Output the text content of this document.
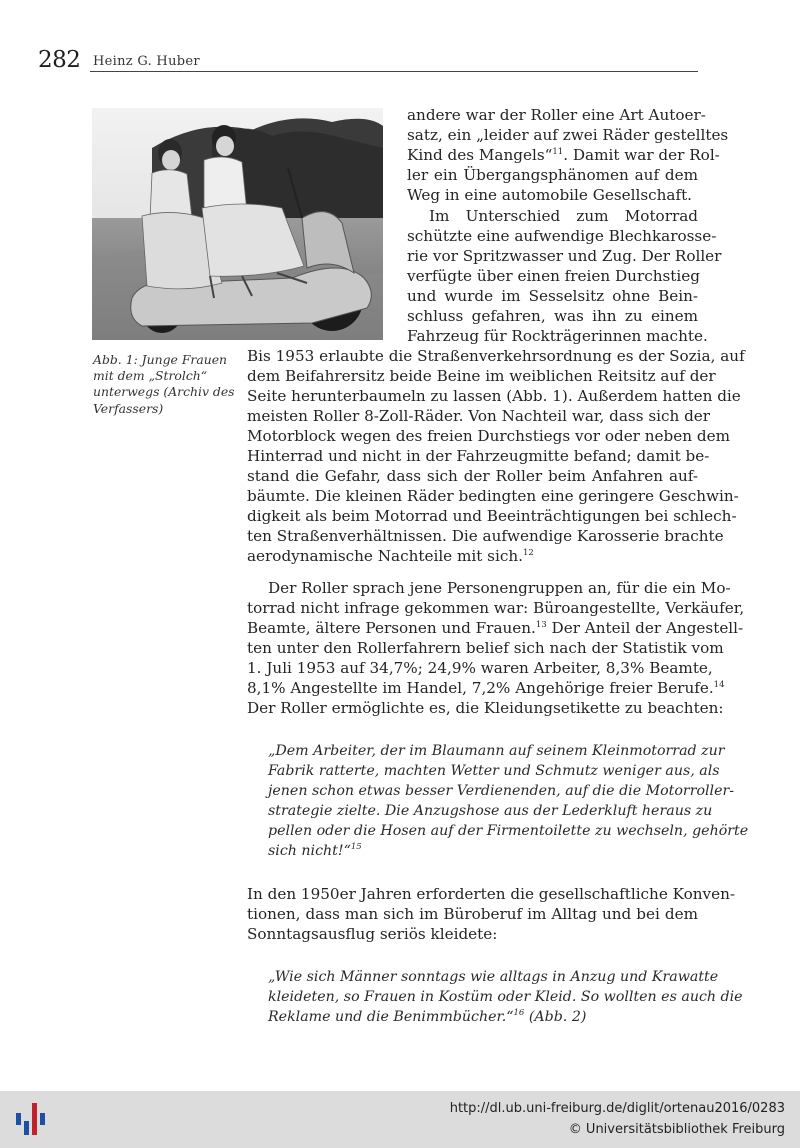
282 Heinz G. Huber
Abb. 1: Junge Frauen
mit dem „Strolch“
unterwegs (Archiv des
Verfassers)
andere war der Roller eine Art Autoer-
satz, ein „leider auf zwei Räder gestelltes
Kind des Mangels“$^{11}$. Damit war der Rol-
ler ein Übergangsphänomen auf dem
Weg in eine automobile Gesellschaft.
Im Unterschied zum Motorrad
schützte eine aufwendige Blechkarosse-
rie vor Spritzwasser und Zug. Der Roller
verfügte über einen freien Durchstieg
und wurde im Sesselsitz ohne Bein-
schluss gefahren, was ihn zu einem
Fahrzeug für Rockträgerinnen machte.
Bis 1953 erlaubte die Straßenverkehrsordnung es der Sozia, auf
dem Beifahrersitz beide Beine im weiblichen Reitsitz auf der
Seite herunterbaumeln zu lassen (Abb. 1). Außerdem hatten die
meisten Roller 8-Zoll-Räder. Von Nachteil war, dass sich der
Motorblock wegen des freien Durchstiegs vor oder neben dem
Hinterrad und nicht in der Fahrzeugmitte befand; damit be-
stand die Gefahr, dass sich der Roller beim Anfahren auf-
bäumte. Die kleinen Räder bedingten eine geringere Geschwin-
digkeit als beim Motorrad und Beeinträchtigungen bei schlech-
ten Straßenverhältnissen. Die aufwendige Karosserie brachte
aerodynamische Nachteile mit sich.$^{12}$
Der Roller sprach jene Personengruppen an, für die ein Mo-
torrad nicht infrage gekommen war: Büroangestellte, Verkäufer,
Beamte, ältere Personen und Frauen.$^{13}$ Der Anteil der Angestell-
ten unter den Rollerfahrern belief sich nach der Statistik vom
1. Juli 1953 auf 34,7%; 24,9% waren Arbeiter, 8,3% Beamte,
8,1% Angestellte im Handel, 7,2% Angehörige freier Berufe.$^{14}$
Der Roller ermöglichte es, die Kleidungsetikette zu beachten:
„Dem Arbeiter, der im Blaumann auf seinem Kleinmotorrad zur
Fabrik ratterte, machten Wetter und Schmutz weniger aus, als
jenen schon etwas besser Verdienenden, auf die die Motorroller-
strategie zielte. Die Anzugshose aus der Lederkluft heraus zu
pellen oder die Hosen auf der Firmentoilette zu wechseln, gehörte
sich nicht!“$^{15}$
In den 1950er Jahren erforderten die gesellschaftliche Konven-
tionen, dass man sich im Büroberuf im Alltag und bei dem
Sonntagsausflug seriös kleidete:
„Wie sich Männer sonntags wie alltags in Anzug und Krawatte
kleideten, so Frauen in Kostüm oder Kleid. So wollten es auch die
Reklame und die Benimmbücher.“$^{16}$ (Abb. 2)
http://dl.ub.uni-freiburg.de/diglit/ortenau2016/0283
© Universitätsbibliothek Freiburg
